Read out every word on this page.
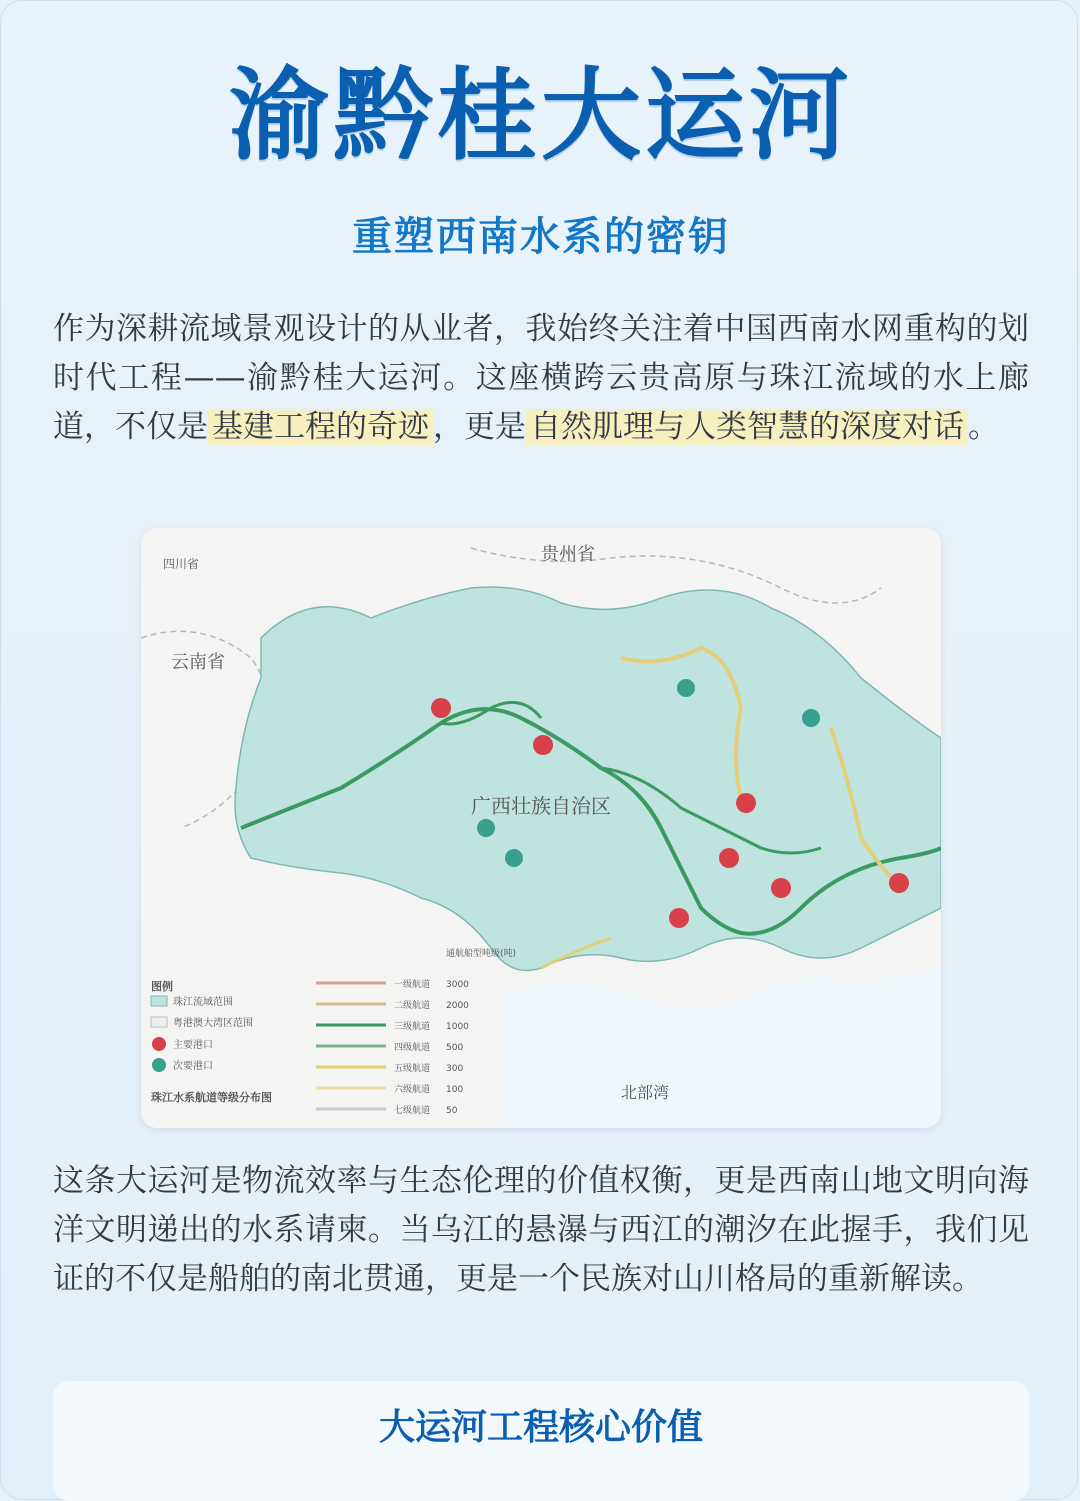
渝黔桂大运河
重塑西南水系的密钥

作为深耕流域景观设计的从业者，我始终关注着中国西南水网重构的划时代工程——渝黔桂大运河。这座横跨云贵高原与珠江流域的水上廊道，不仅是 基建工程的奇迹 ，更是 自然肌理与人类智慧的深度对话 。

贵州省
云南省
四川省
广西壮族自治区
北部湾
图例
珠江流域范围
粤港澳大湾区范围
主要港口
次要港口
珠江水系航道等级分布图
通航船型吨级(吨)
一级航道 3000
二级航道 2000
三级航道 1000
四级航道 500
五级航道 300
六级航道 100
七级航道 50

这条大运河是物流效率与生态伦理的价值权衡，更是西南山地文明向海洋文明递出的水系请柬。当乌江的悬瀑与西江的潮汐在此握手，我们见证的不仅是船舶的南北贯通，更是一个民族对山川格局的重新解读。

大运河工程核心价值
